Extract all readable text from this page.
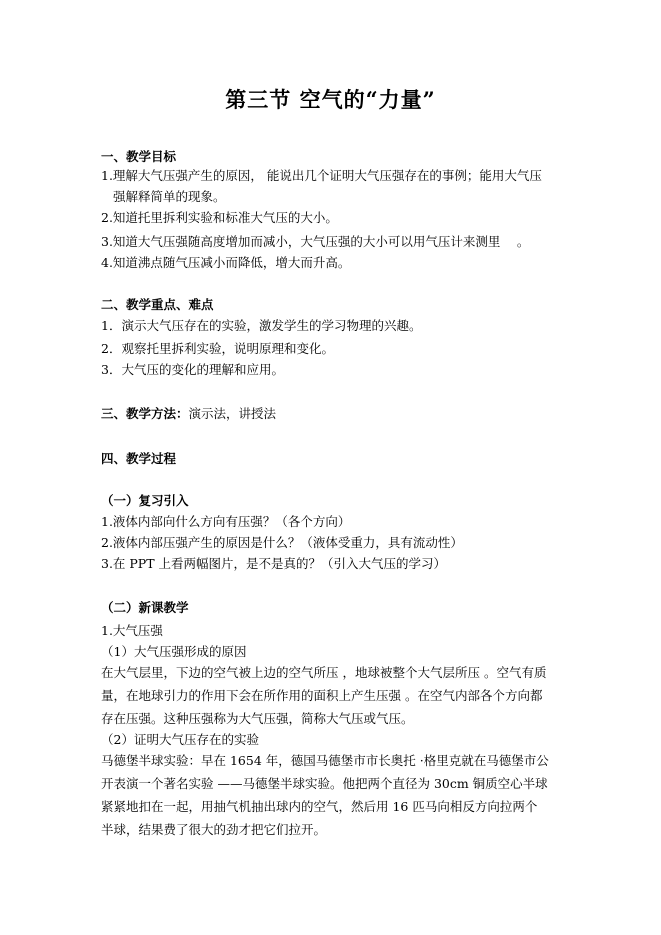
第三节 空气的“力量”
一、教学目标
1.理解大气压强产生的原因， 能说出几个证明大气压强存在的事例；能用大气压
强解释简单的现象。
2.知道托里拆利实验和标准大气压的大小。
3.知道大气压强随高度增加而减小，大气压强的大小可以用气压计来测里　 。
4.知道沸点随气压减小而降低，增大而升高。
二、教学重点、难点
1．演示大气压存在的实验，激发学生的学习物理的兴趣。
2．观察托里拆利实验，说明原理和变化。
3．大气压的变化的理解和应用。
三、教学方法：演示法，讲授法
四、教学过程
（一）复习引入
1.液体内部向什么方向有压强？（各个方向）
2.液体内部压强产生的原因是什么？（液体受重力，具有流动性）
3.在 PPT 上看两幅图片，是不是真的？（引入大气压的学习）
（二）新课教学
1.大气压强
（1）大气压强形成的原因
在大气层里，下边的空气被上边的空气所压 ，地球被整个大气层所压 。空气有质
量，在地球引力的作用下会在所作用的面积上产生压强 。在空气内部各个方向都
存在压强。这种压强称为大气压强，简称大气压或气压。
（2）证明大气压存在的实验
马德堡半球实验：早在 1654 年，德国马德堡市市长奥托 ·格里克就在马德堡市公
开表演一个著名实验 ——马德堡半球实验。他把两个直径为 30cm 铜质空心半球
紧紧地扣在一起，用抽气机抽出球内的空气，然后用 16 匹马向相反方向拉两个
半球，结果费了很大的劲才把它们拉开。
